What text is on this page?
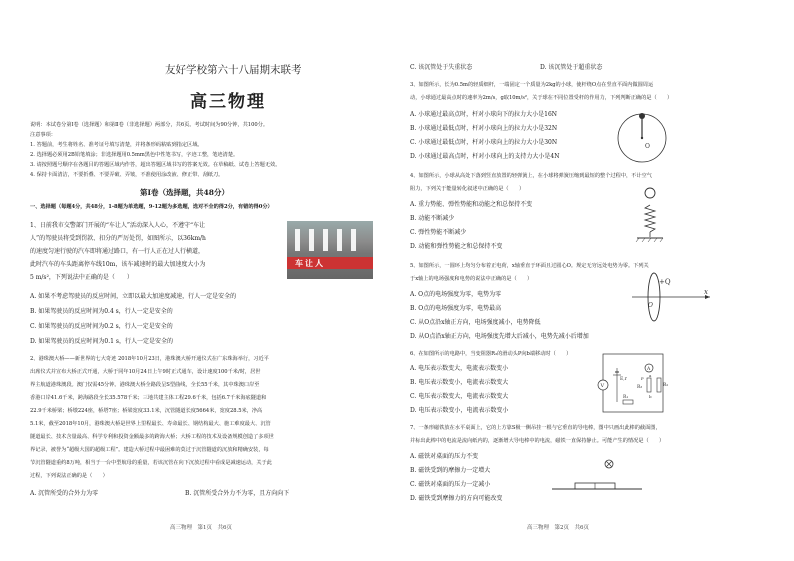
友好学校第六十八届期末联考
高三物理
说明：本试卷分第Ⅰ卷（选择题）和第Ⅱ卷（非选择题）两部分，共6页。考试时间为90分钟，共100分。
注意事项：
1. 答题前，考生将姓名、准考证号填写清楚，并将条形码粘贴到指定区域。
2. 选择题必须用2B铅笔填涂；非选择题用0.5mm黑色中性笔书写，字迹工整，笔迹清楚。
3. 请按照题号顺序在各题目的答题区域内作答，超出答题区域书写的答案无效。在草稿纸、试卷上答题无效。
4. 保持卡面清洁，不要折叠、不要弄破、弄皱，不准使用涂改液、修正带、刮纸刀。
第Ⅰ卷（选择题，共48分）
一、选择题（每题4分，共48分，1-8题为单选题，9-12题为多选题，选对不全的得2分，有错的得0分）
1、日前我市交警部门开展的“车让人”活动深入人心，不遵守“车让
人”的驾驶员将受到罚款、扣分的严厉处罚，如图所示，以36km/h
的速度匀速行驶的汽车即将通过路口，有一行人正在过人行横道，
此时汽车的车头距离停车线10m，该车减速时的最大加速度大小为
5 m/s²，下列说法中正确的是（　　）
车让人
A. 如果不考虑驾驶员的反应时间，立即以最大加速度减速，行人一定是安全的
B. 如果驾驶员的反应时间为0.4 s，行人一定是安全的
C. 如果驾驶员的反应时间为0.2 s，行人一定是安全的
D. 如果驾驶员的反应时间为0.1 s，行人一定是安全的
2、港珠澳大桥——新世界的七大奇迹 2018年10月23日，港珠澳大桥开通仪式在广东珠海举行，习近平
出席仪式并宣布大桥正式开通，大桥于同年10月24日上午9时正式通车，设计速度100千米/时，居世
界主航道港珠澳段。澳门仅需45分钟。港珠澳大桥全路段呈S型曲线，全长55千米，其中珠澳口岸至
香港口岸41.6千米，跨海路段全长35.578千米；三地共建主体工程29.6千米，包括6.7千米海底隧道和
22.9千米桥梁；桥墩224座，桥塔7座；桥梁宽度33.1米，沉管隧道长度5664米，宽度28.5米，净高
5.1米，截至2018年10月，港珠澳大桥是世界上里程最长、寿命最长、钢结构最大、施工难度最大、沉管
隧道最长、技术含量最高、科学专利和投资金额最多的跨海大桥；大桥工程的技术及设备规模创造了多项世
界记录，被誉为“超级大国的超级工程”。建造大桥过程中最困难的莫过于沉管隧道的沉放和精确安装，每
节沉管隧道重约8万吨，相当于一台中型航母的重量，若该沉管在向下沉放过程中看成是减速运动，关于此
过程，下列说法正确的是（　　）
A. 沉管所受的合外力为零	B. 沉管所受合外力不为零，且方向向下
高三物理　第1页　共6页
C. 该沉管处于失重状态	D. 该沉管处于超重状态
3、如图所示，长为0.5m的轻质细杆，一端固定一个质量为2kg的小球，使杆绕O点在竖直平面内做圆周运
动，小球通过最高点时的速率为2m/s，g取10m/s²，关于球在不同位置受杆的作用力，下列判断正确的是（　　）
A. 小球通过最高点时，杆对小球向下的拉力大小是16N
B. 小球通过最低点时，杆对小球向上的拉力大小是32N
C. 小球通过最低点时，杆对小球向上的拉力大小是30N
D. 小球通过最高点时，杆对小球向上的支持力大小是4N
O
4、如图所示，小球从高处下落到竖直放置的轻弹簧上，在小球将弹簧压缩到最短的整个过程中，不计空气
阻力，下列关于能量转化叙述中正确的是（　　）
A. 重力势能、弹性势能和动能之和总保持不变
B. 动能不断减少
C. 弹性势能不断减少
D. 动能和弹性势能之和总保持不变
5、如图所示，一圆环上均匀分布着正电荷，x轴垂直于环面且过圆心O。规定无穷远处电势为零。下列关
于x轴上的电场强度和电势的说法中正确的是（　　）
A. O点的电场强度为零，电势为零
B. O点的电场强度为零，电势最高
C. 从O点沿x轴正方向，电场强度减小，电势降低
D. 从O点沿x轴正方向，电场强度先增大后减小，电势先减小后增加
+Q
x
O
6、在如图所示的电路中，当变阻器R₃的滑动头P向b端移动时（　　）
A. 电压表示数变大，电流表示数变小
B. 电压表示数变小，电流表示数变大
C. 电压表示数变大，电流表示数变大
D. 电压表示数变小，电流表示数变小
V
E,r
R₁
A
R₂
R₃
a
b
P
7、一条形磁铁放在水平桌面上，它的上方靠S极一侧吊挂一根与它垂直的导电棒，图中只画出此棒的截面图，
并标出此棒中的电流是流向纸内的，逐渐增大导电棒中的电流，磁铁一直保持静止。可能产生的情况是（　　）
A. 磁铁对桌面的压力不变
B. 磁铁受到的摩擦力一定增大
C. 磁铁对桌面的压力一定减小
D. 磁铁受到摩擦力的方向可能改变
高三物理　第2页　共6页
